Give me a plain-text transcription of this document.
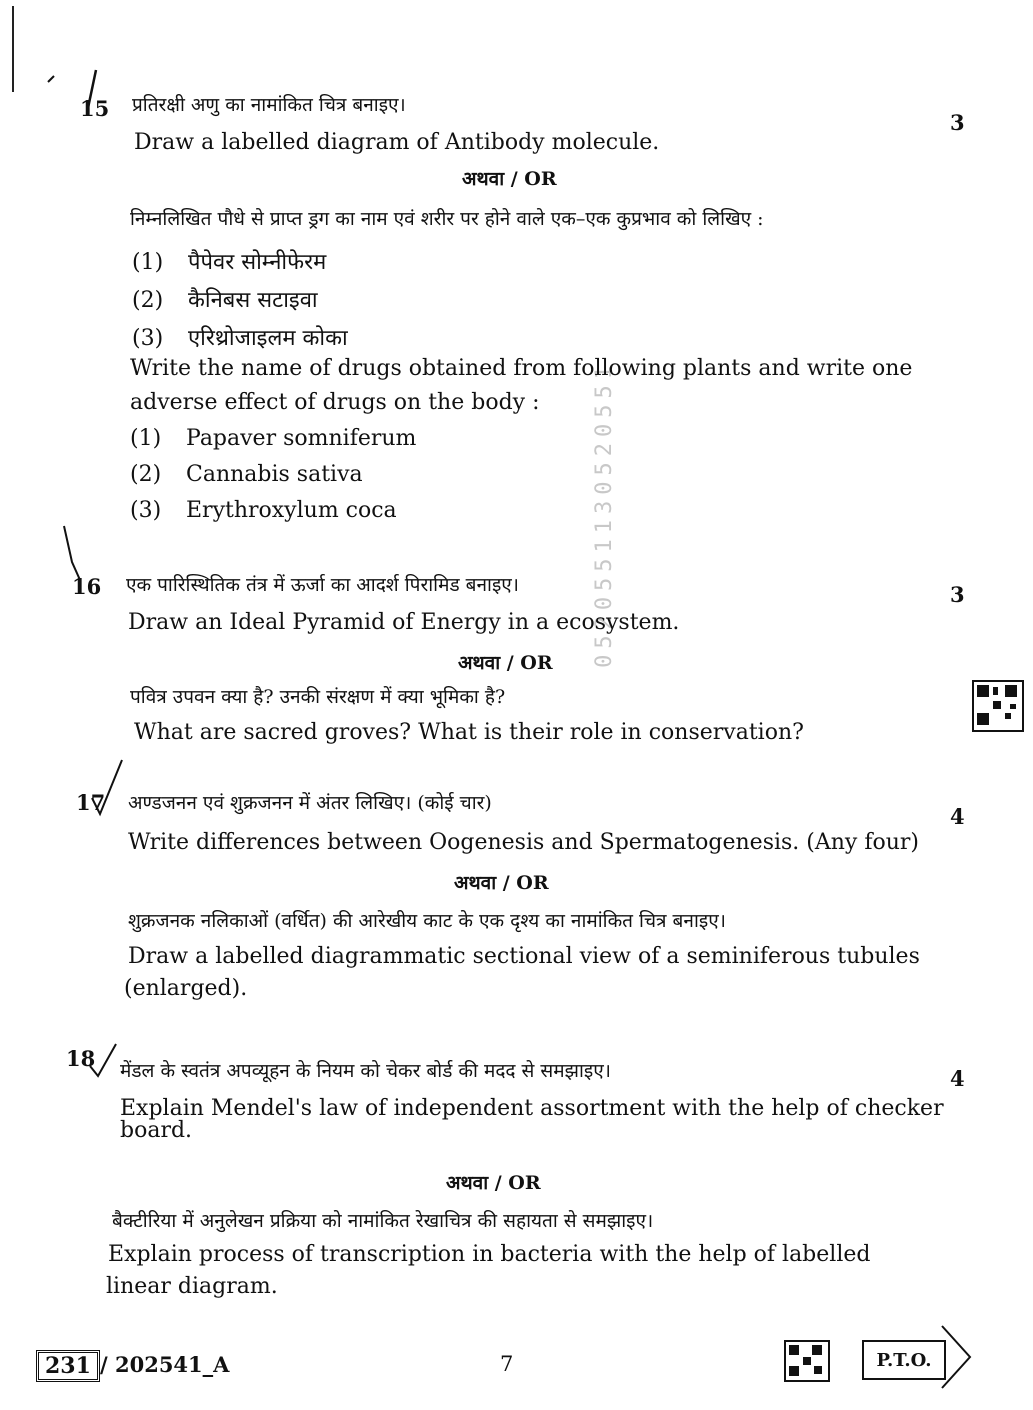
0520551130520551
15 प्रतिरक्षी अणु का नामांकित चित्र बनाइए।
3
Draw a labelled diagram of Antibody molecule.
अथवा / OR
निम्नलिखित पौधे से प्राप्त ड्रग का नाम एवं शरीर पर होने वाले एक–एक कुप्रभाव को लिखिए :
(1) पैपेवर सोम्नीफेरम
(2) कैनिबस सटाइवा
(3) एरिथ्रोजाइलम कोका
Write the name of drugs obtained from following plants and write one
adverse effect of drugs on the body :
(1) Papaver somniferum
(2) Cannabis sativa
(3) Erythroxylum coca
16 एक पारिस्थितिक तंत्र में ऊर्जा का आदर्श पिरामिड बनाइए।	3
Draw an Ideal Pyramid of Energy in a ecosystem.
अथवा / OR
पवित्र उपवन क्या है? उनकी संरक्षण में क्या भूमिका है?
What are sacred groves? What is their role in conservation?
17 अण्डजनन एवं शुक्रजनन में अंतर लिखिए। (कोई चार)
4
Write differences between Oogenesis and Spermatogenesis. (Any four)
अथवा / OR
शुक्रजनक नलिकाओं (वर्धित) की आरेखीय काट के एक दृश्य का नामांकित चित्र बनाइए।
Draw a labelled diagrammatic sectional view of a seminiferous tubules
(enlarged).
18 मेंडल के स्वतंत्र अपव्यूहन के नियम को चेकर बोर्ड की मदद से समझाइए।	4
Explain Mendel's law of independent assortment with the help of checker
board.
अथवा / OR
बैक्टीरिया में अनुलेखन प्रक्रिया को नामांकित रेखाचित्र की सहायता से समझाइए।
Explain process of transcription in bacteria with the help of labelled
linear diagram.
231 / 202541_A	7	P.T.O.
